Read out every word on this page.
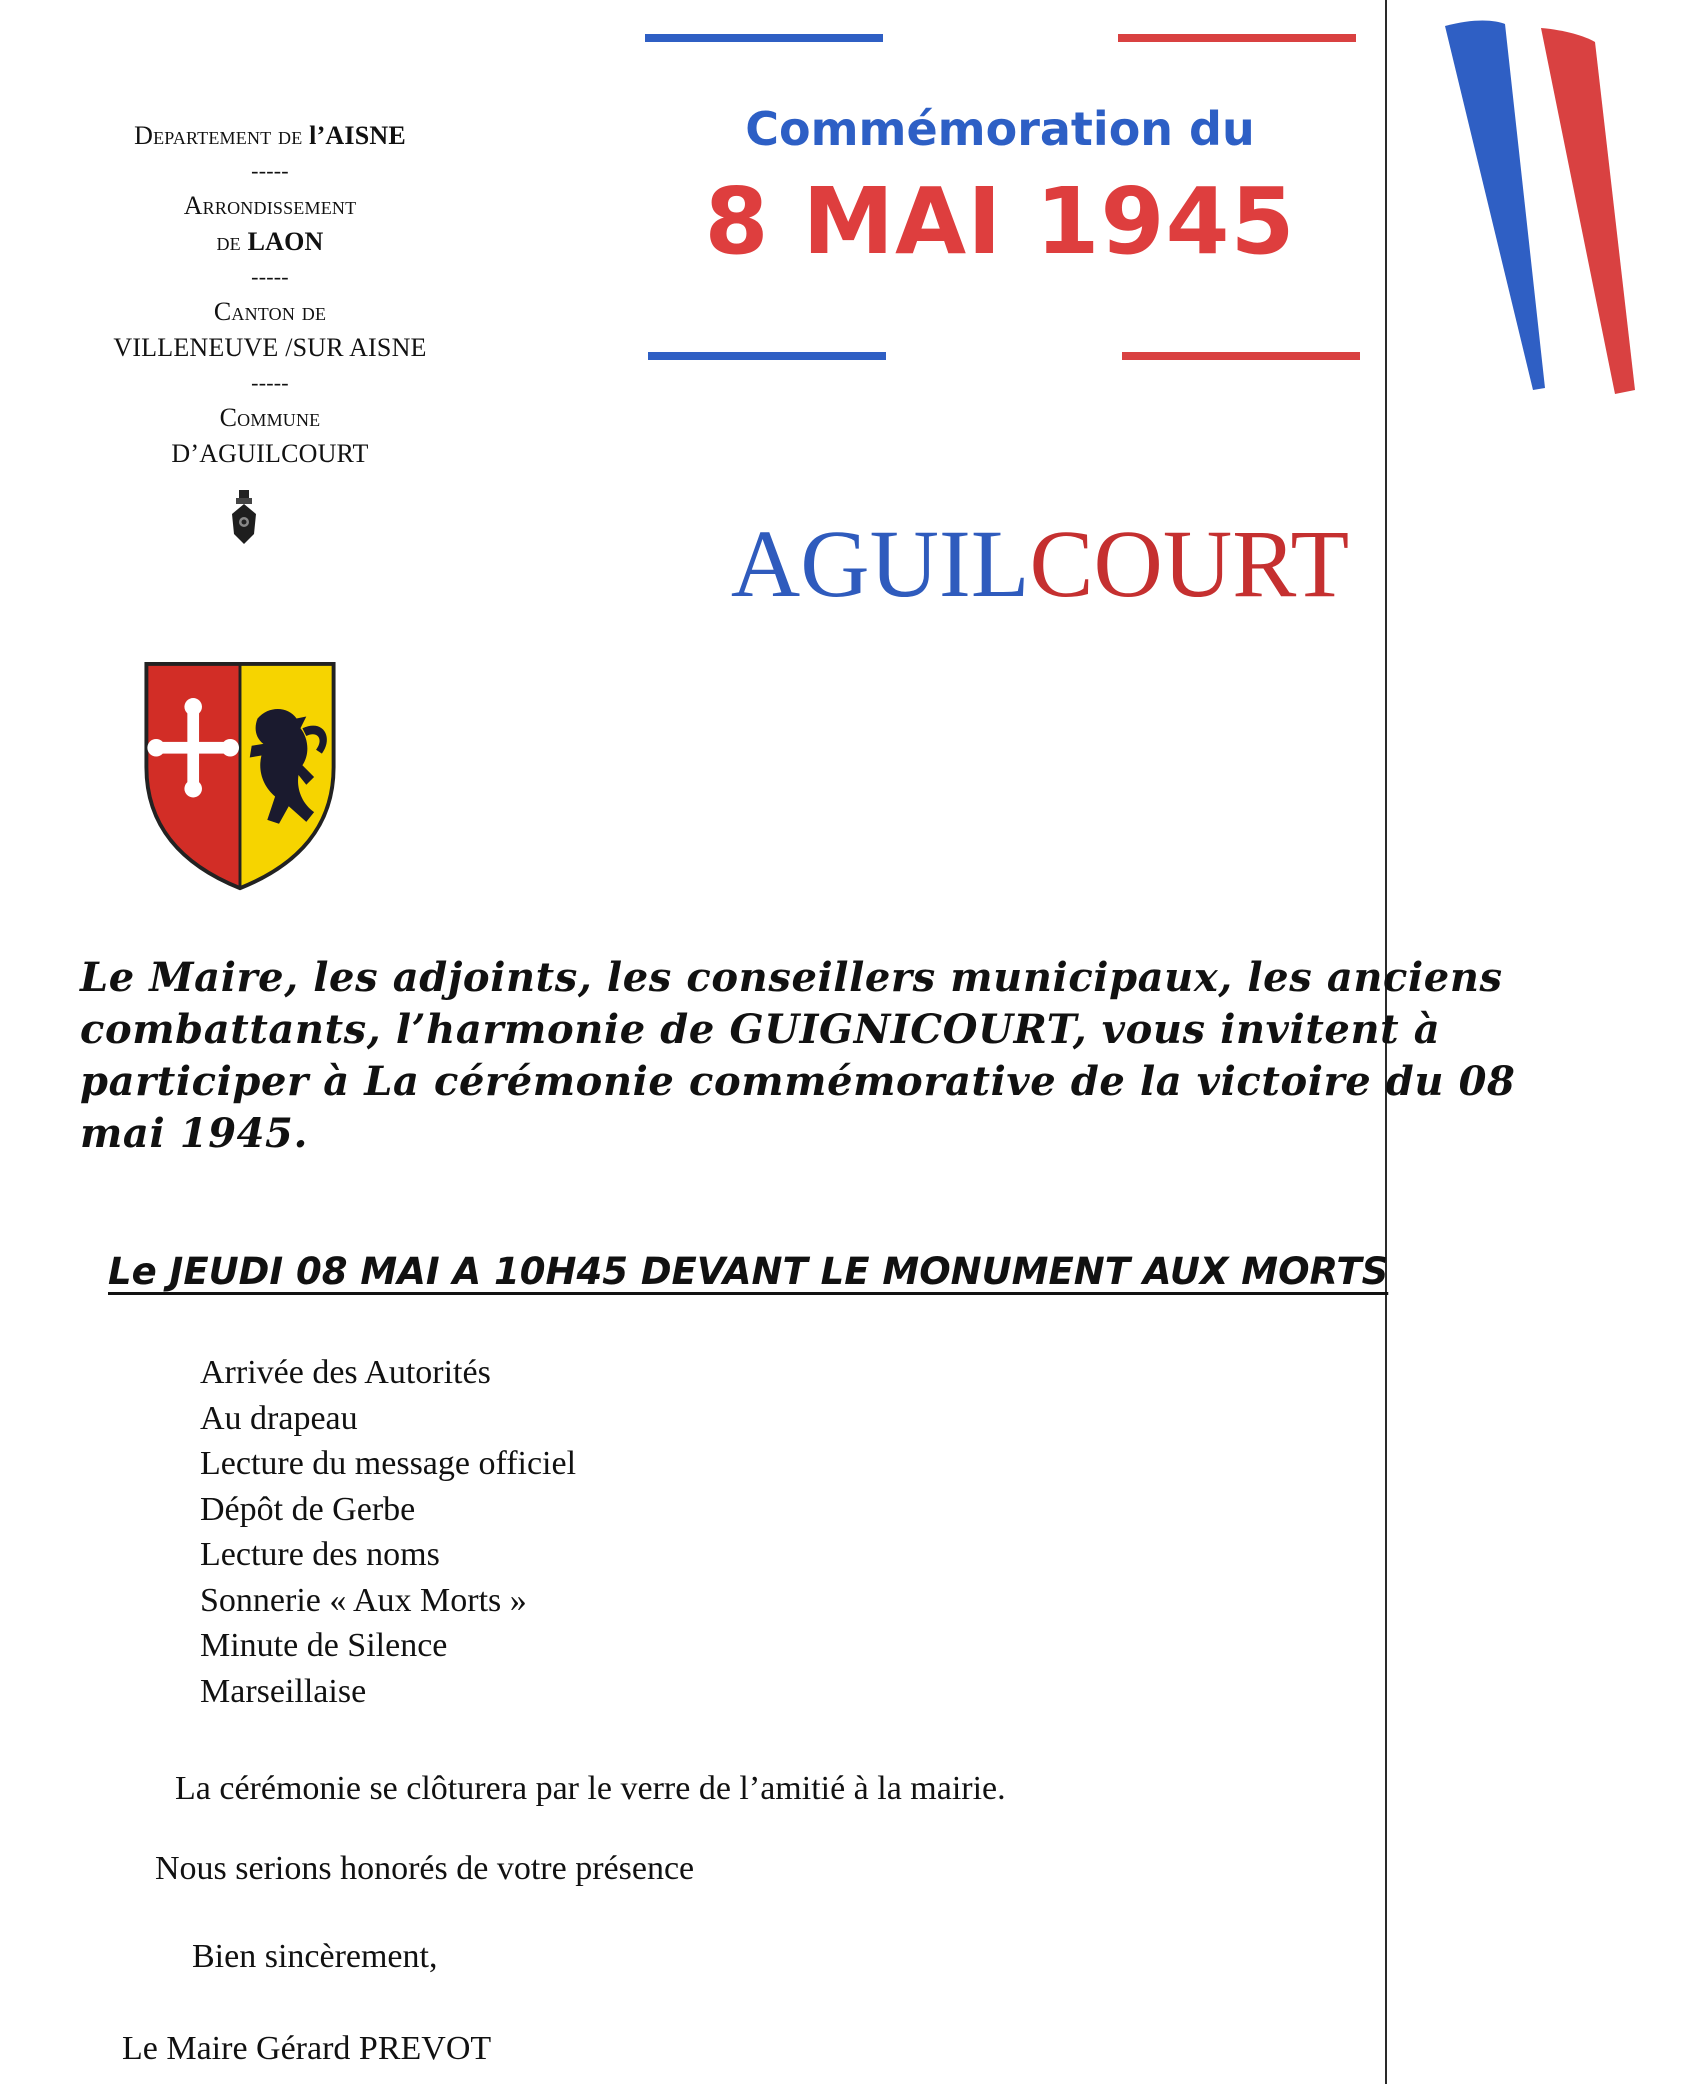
Departement de l’AISNE
-----
Arrondissement
de LAON
-----
Canton de
VILLENEUVE /SUR AISNE
-----
Commune
D’AGUILCOURT
Commémoration du
8 MAI 1945
AGUILCOURT
Le Maire, les adjoints, les conseillers municipaux, les anciens combattants, l’harmonie de GUIGNICOURT, vous invitent à participer à La cérémonie commémorative de la victoire du 08 mai 1945.
Le JEUDI 08 MAI A 10H45 DEVANT LE MONUMENT AUX MORTS
Arrivée des Autorités
Au drapeau
Lecture du message officiel
Dépôt de Gerbe
Lecture des noms
Sonnerie « Aux Morts »
Minute de Silence
Marseillaise
La cérémonie se clôturera par le verre de l’amitié à la mairie.
Nous serions honorés de votre présence
Bien sincèrement,
Le Maire Gérard PREVOT
